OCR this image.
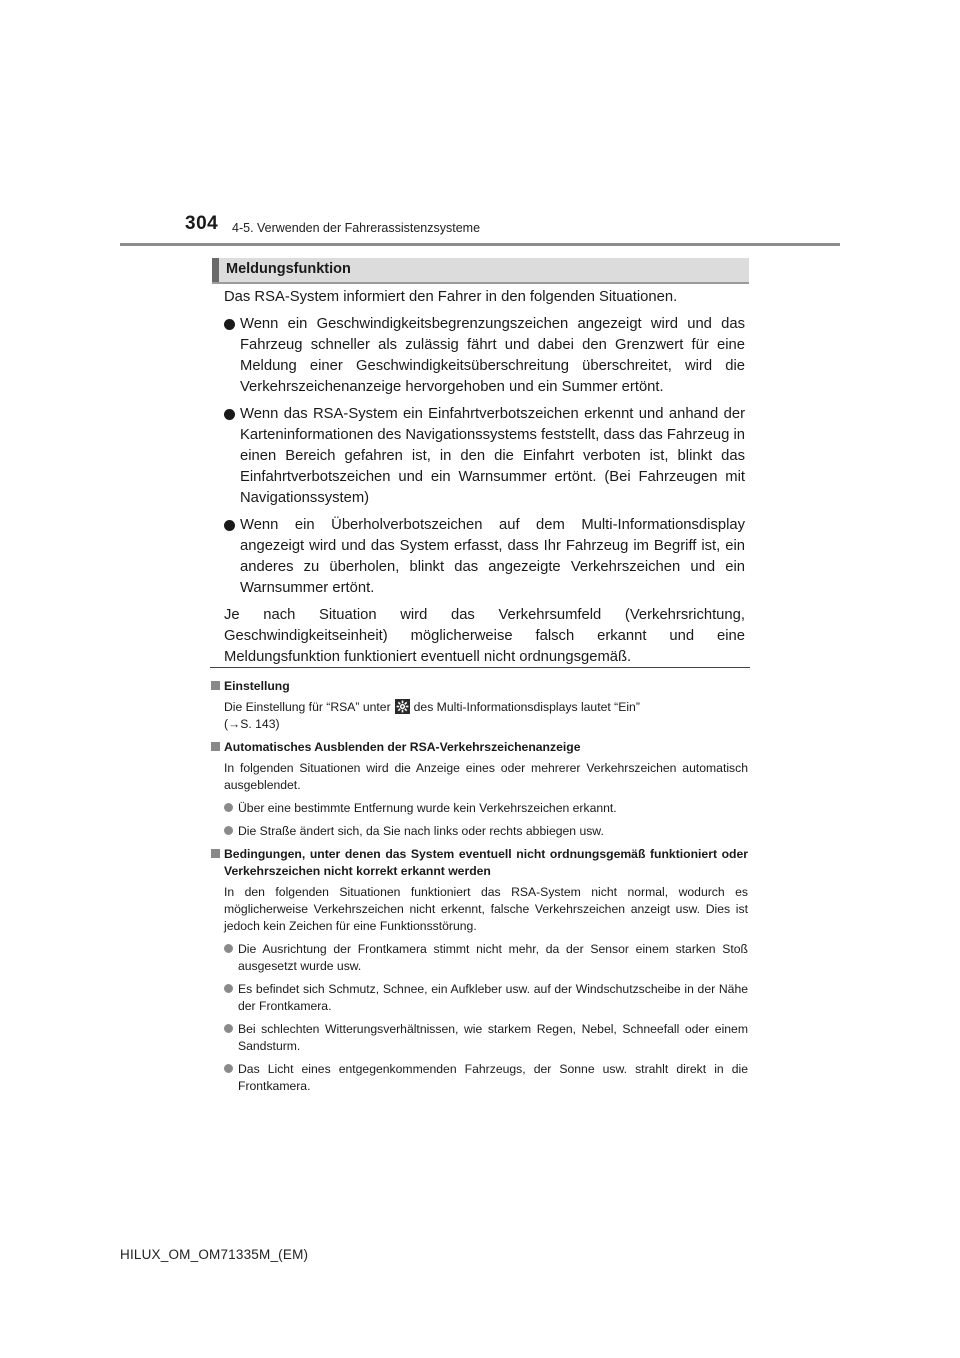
304 4-5. Verwenden der Fahrerassistenzsysteme
Meldungsfunktion

Das RSA-System informiert den Fahrer in den folgenden Situationen.

Wenn ein Geschwindigkeitsbegrenzungszeichen angezeigt wird und das Fahrzeug schneller als zulässig fährt und dabei den Grenzwert für eine Meldung einer Geschwindigkeitsüberschreitung überschreitet, wird die Verkehrszeichenanzeige hervorgehoben und ein Summer ertönt.
Wenn das RSA-System ein Einfahrtverbotszeichen erkennt und anhand der Karteninformationen des Navigationssystems feststellt, dass das Fahrzeug in einen Bereich gefahren ist, in den die Einfahrt verboten ist, blinkt das Einfahrtverbotszeichen und ein Warnsummer ertönt. (Bei Fahrzeugen mit Navigationssystem)
Wenn ein Überholverbotszeichen auf dem Multi-Informationsdisplay angezeigt wird und das System erfasst, dass Ihr Fahrzeug im Begriff ist, ein anderes zu überholen, blinkt das angezeigte Verkehrszeichen und ein Warnsummer ertönt.

Je nach Situation wird das Verkehrsumfeld (Verkehrsrichtung, Geschwindigkeitseinheit) möglicherweise falsch erkannt und eine Meldungsfunktion funktioniert eventuell nicht ordnungsgemäß.

Einstellung
Die Einstellung für “RSA” unter des Multi-Informationsdisplays lautet “Ein”
(→S. 143)
Automatisches Ausblenden der RSA-Verkehrszeichenanzeige
In folgenden Situationen wird die Anzeige eines oder mehrerer Verkehrszeichen automatisch ausgeblendet.
Über eine bestimmte Entfernung wurde kein Verkehrszeichen erkannt.
Die Straße ändert sich, da Sie nach links oder rechts abbiegen usw.
Bedingungen, unter denen das System eventuell nicht ordnungsgemäß funktioniert oder Verkehrszeichen nicht korrekt erkannt werden
In den folgenden Situationen funktioniert das RSA-System nicht normal, wodurch es möglicherweise Verkehrszeichen nicht erkennt, falsche Verkehrszeichen anzeigt usw. Dies ist jedoch kein Zeichen für eine Funktionsstörung.
Die Ausrichtung der Frontkamera stimmt nicht mehr, da der Sensor einem starken Stoß ausgesetzt wurde usw.
Es befindet sich Schmutz, Schnee, ein Aufkleber usw. auf der Windschutzscheibe in der Nähe der Frontkamera.
Bei schlechten Witterungsverhältnissen, wie starkem Regen, Nebel, Schneefall oder einem Sandsturm.
Das Licht eines entgegenkommenden Fahrzeugs, der Sonne usw. strahlt direkt in die Frontkamera.
HILUX_OM_OM71335M_(EM)
